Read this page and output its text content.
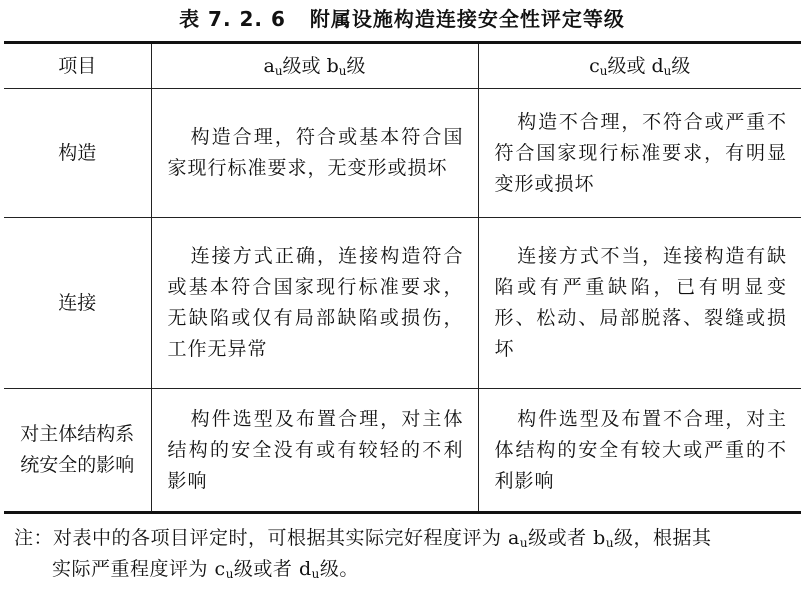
表 7. 2. 6 附属设施构造连接安全性评定等级
项目	$a_u$级或 $b_u$级	$c_u$级或 $d_u$级
构造	构造合理，符合或基本符合国家现行标准要求，无变形或损坏	构造不合理，不符合或严重不符合国家现行标准要求，有明显变形或损坏
连接	连接方式正确，连接构造符合或基本符合国家现行标准要求，无缺陷或仅有局部缺陷或损伤，工作无异常	连接方式不当，连接构造有缺陷或有严重缺陷，已有明显变形、松动、局部脱落、裂缝或损坏
对主体结构系
统安全的影响	构件选型及布置合理，对主体结构的安全没有或有较轻的不利影响	构件选型及布置不合理，对主体结构的安全有较大或严重的不利影响
注：对表中的各项目评定时，可根据其实际完好程度评为 $a_u$级或者 $b_u$级，根据其
实际严重程度评为 $c_u$级或者 $d_u$级。
